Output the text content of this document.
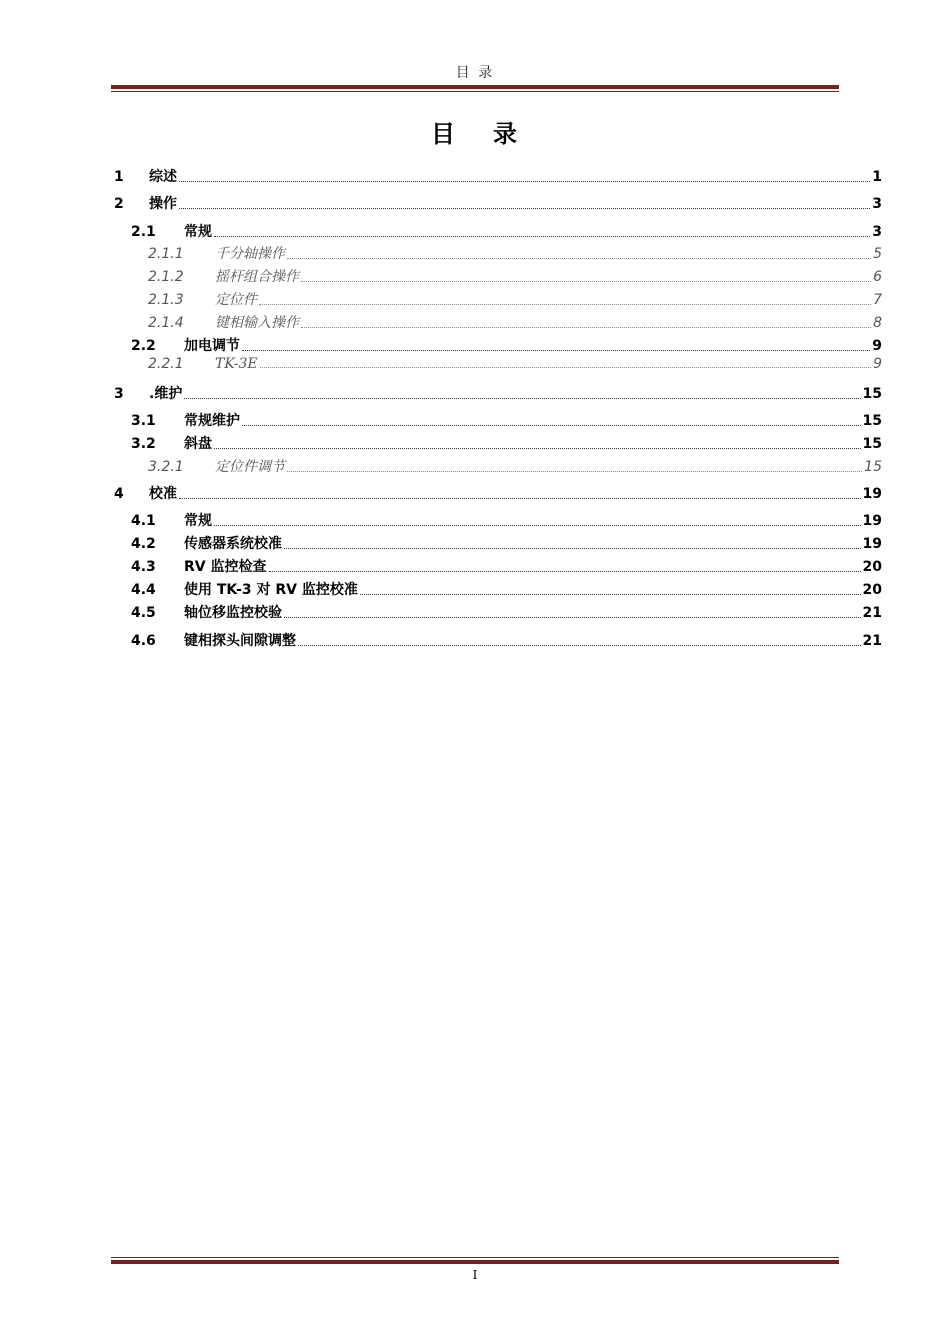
目 录
目 录
1	综述	1
2	操作	3
2.1	常规	3
2.1.1	千分轴操作	5
2.1.2	摇杆组合操作	6
2.1.3	定位件	7
2.1.4	键相输入操作	8
2.2	加电调节	9
2.2.1	TK-3E	9
3	.维护	15
3.1	常规维护	15
3.2	斜盘	15
3.2.1	定位件调节	15
4	校准	19
4.1	常规	19
4.2	传感器系统校准	19
4.3	RV 监控检查	20
4.4	使用 TK-3 对 RV 监控校准	20
4.5	轴位移监控校验	21
4.6	键相探头间隙调整	21
I
